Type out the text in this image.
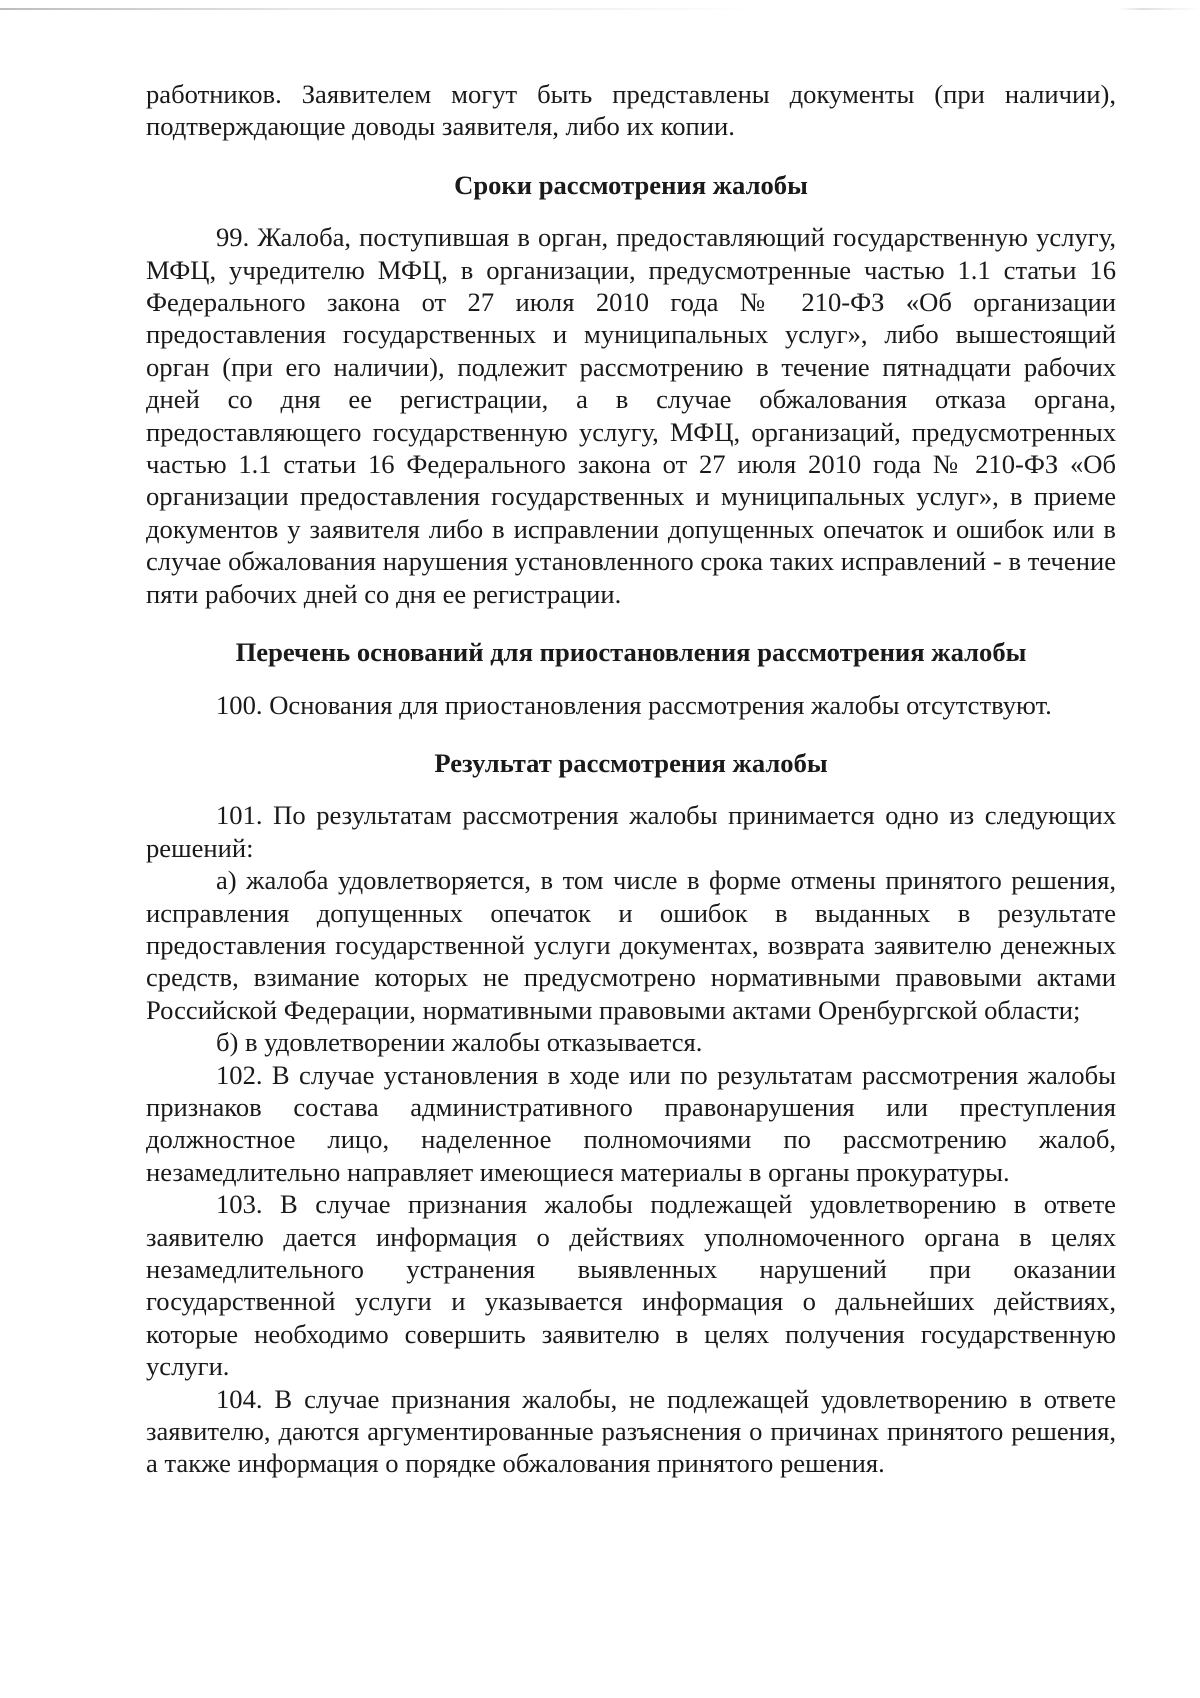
работников. Заявителем могут быть представлены документы (при наличии), подтверждающие доводы заявителя, либо их копии.

Сроки рассмотрения жалобы

99. Жалоба, поступившая в орган, предоставляющий государственную услугу, МФЦ, учредителю МФЦ, в организации, предусмотренные частью 1.1 статьи 16 Федерального закона от 27 июля 2010 года № 210-ФЗ «Об организации предоставления государственных и муниципальных услуг», либо вышестоящий орган (при его наличии), подлежит рассмотрению в течение пятнадцати рабочих дней со дня ее регистрации, а в случае обжалования отказа органа, предоставляющего государственную услугу, МФЦ, организаций, предусмотренных частью 1.1 статьи 16 Федерального закона от 27 июля 2010 года № 210-ФЗ «Об организации предоставления государственных и муниципальных услуг», в приеме документов у заявителя либо в исправлении допущенных опечаток и ошибок или в случае обжалования нарушения установленного срока таких исправлений - в течение пяти рабочих дней со дня ее регистрации.

Перечень оснований для приостановления рассмотрения жалобы

100. Основания для приостановления рассмотрения жалобы отсутствуют.

Результат рассмотрения жалобы

101. По результатам рассмотрения жалобы принимается одно из следующих решений:

а) жалоба удовлетворяется, в том числе в форме отмены принятого решения, исправления допущенных опечаток и ошибок в выданных в результате предоставления государственной услуги документах, возврата заявителю денежных средств, взимание которых не предусмотрено нормативными правовыми актами Российской Федерации, нормативными правовыми актами Оренбургской области;

б) в удовлетворении жалобы отказывается.

102. В случае установления в ходе или по результатам рассмотрения жалобы признаков состава административного правонарушения или преступления должностное лицо, наделенное полномочиями по рассмотрению жалоб, незамедлительно направляет имеющиеся материалы в органы прокуратуры.

103. В случае признания жалобы подлежащей удовлетворению в ответе заявителю дается информация о действиях уполномоченного органа в целях незамедлительного устранения выявленных нарушений при оказании государственной услуги и указывается информация о дальнейших действиях, которые необходимо совершить заявителю в целях получения государственную услуги.

104. В случае признания жалобы, не подлежащей удовлетворению в ответе заявителю, даются аргументированные разъяснения о причинах принятого решения, а также информация о порядке обжалования принятого решения.
